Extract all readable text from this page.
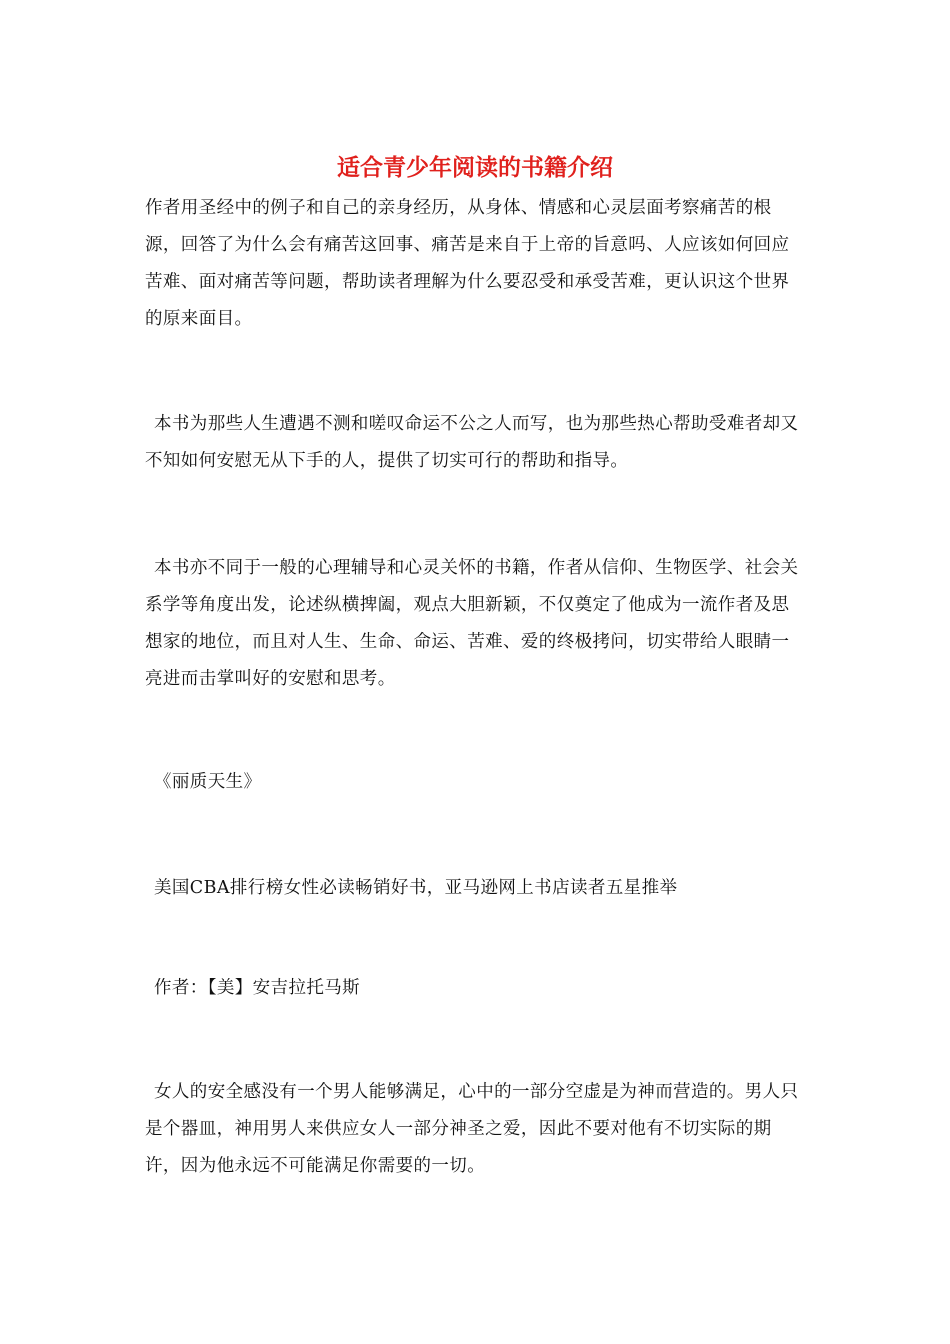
适合青少年阅读的书籍介绍

作者用圣经中的例子和自己的亲身经历，从身体、情感和心灵层面考察痛苦的根源，回答了为什么会有痛苦这回事、痛苦是来自于上帝的旨意吗、人应该如何回应苦难、面对痛苦等问题，帮助读者理解为什么要忍受和承受苦难，更认识这个世界的原来面目。

本书为那些人生遭遇不测和嗟叹命运不公之人而写，也为那些热心帮助受难者却又不知如何安慰无从下手的人，提供了切实可行的帮助和指导。

本书亦不同于一般的心理辅导和心灵关怀的书籍，作者从信仰、生物医学、社会关系学等角度出发，论述纵横捭阖，观点大胆新颖，不仅奠定了他成为一流作者及思想家的地位，而且对人生、生命、命运、苦难、爱的终极拷问，切实带给人眼睛一亮进而击掌叫好的安慰和思考。

《丽质天生》

美国CBA排行榜女性必读畅销好书，亚马逊网上书店读者五星推举

作者：【美】安吉拉托马斯

女人的安全感没有一个男人能够满足，心中的一部分空虚是为神而营造的。男人只是个器皿，神用男人来供应女人一部分神圣之爱，因此不要对他有不切实际的期许，因为他永远不可能满足你需要的一切。
